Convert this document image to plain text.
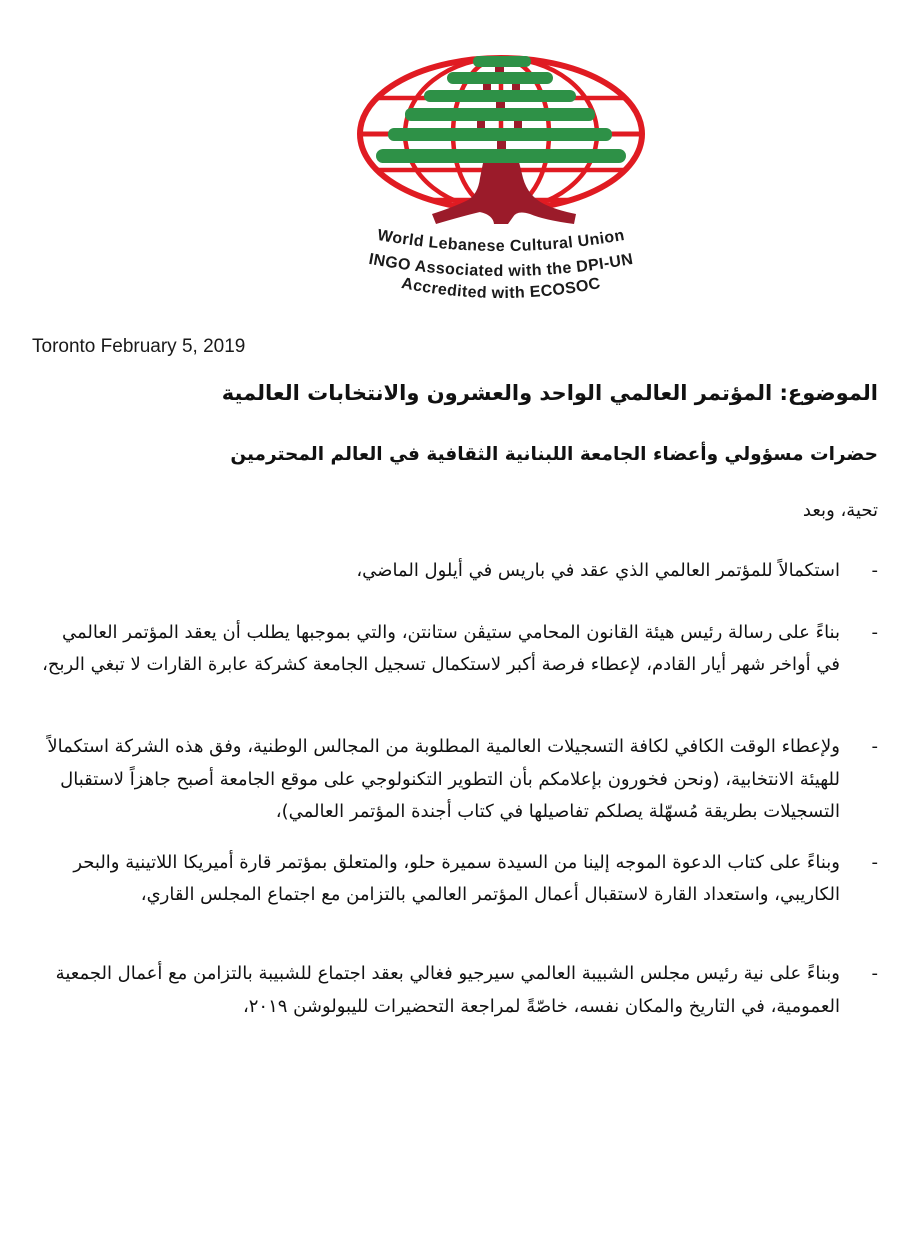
World Lebanese Cultural Union
INGO Associated with the DPI-UN
Accredited with ECOSOC
Toronto February 5, 2019
الموضوع: المؤتمر العالمي الواحد والعشرون والانتخابات العالمية
حضرات مسؤولي وأعضاء الجامعة اللبنانية الثقافية في العالم المحترمين
تحية، وبعد
-
استكمالاً للمؤتمر العالمي الذي عقد في باريس في أيلول الماضي،
-
بناءً على رسالة رئيس هيئة القانون المحامي ستيڤن ستانتن، والتي بموجبها يطلب أن يعقد المؤتمر العالمي في أواخر شهر أيار القادم، لإعطاء فرصة أكبر لاستكمال تسجيل الجامعة كشركة عابرة القارات لا تبغي الربح،
-
ولإعطاء الوقت الكافي لكافة التسجيلات العالمية المطلوبة من المجالس الوطنية، وفق هذه الشركة استكمالاً للهيئة الانتخابية، (ونحن فخورون بإعلامكم بأن التطوير التكنولوجي على موقع الجامعة أصبح جاهزاً لاستقبال التسجيلات بطريقة مُسهّلة يصلكم تفاصيلها في كتاب أجندة المؤتمر العالمي)،
-
وبناءً على كتاب الدعوة الموجه إلينا من السيدة سميرة حلو، والمتعلق بمؤتمر قارة أميريكا اللاتينية والبحر الكاريبي، واستعداد القارة لاستقبال أعمال المؤتمر العالمي بالتزامن مع اجتماع المجلس القاري،
-
وبناءً على نية رئيس مجلس الشبيبة العالمي سيرجيو فغالي بعقد اجتماع للشبيبة بالتزامن مع أعمال الجمعية العمومية، في التاريخ والمكان نفسه، خاصّةً لمراجعة التحضيرات لليبولوشن ٢٠١٩،
